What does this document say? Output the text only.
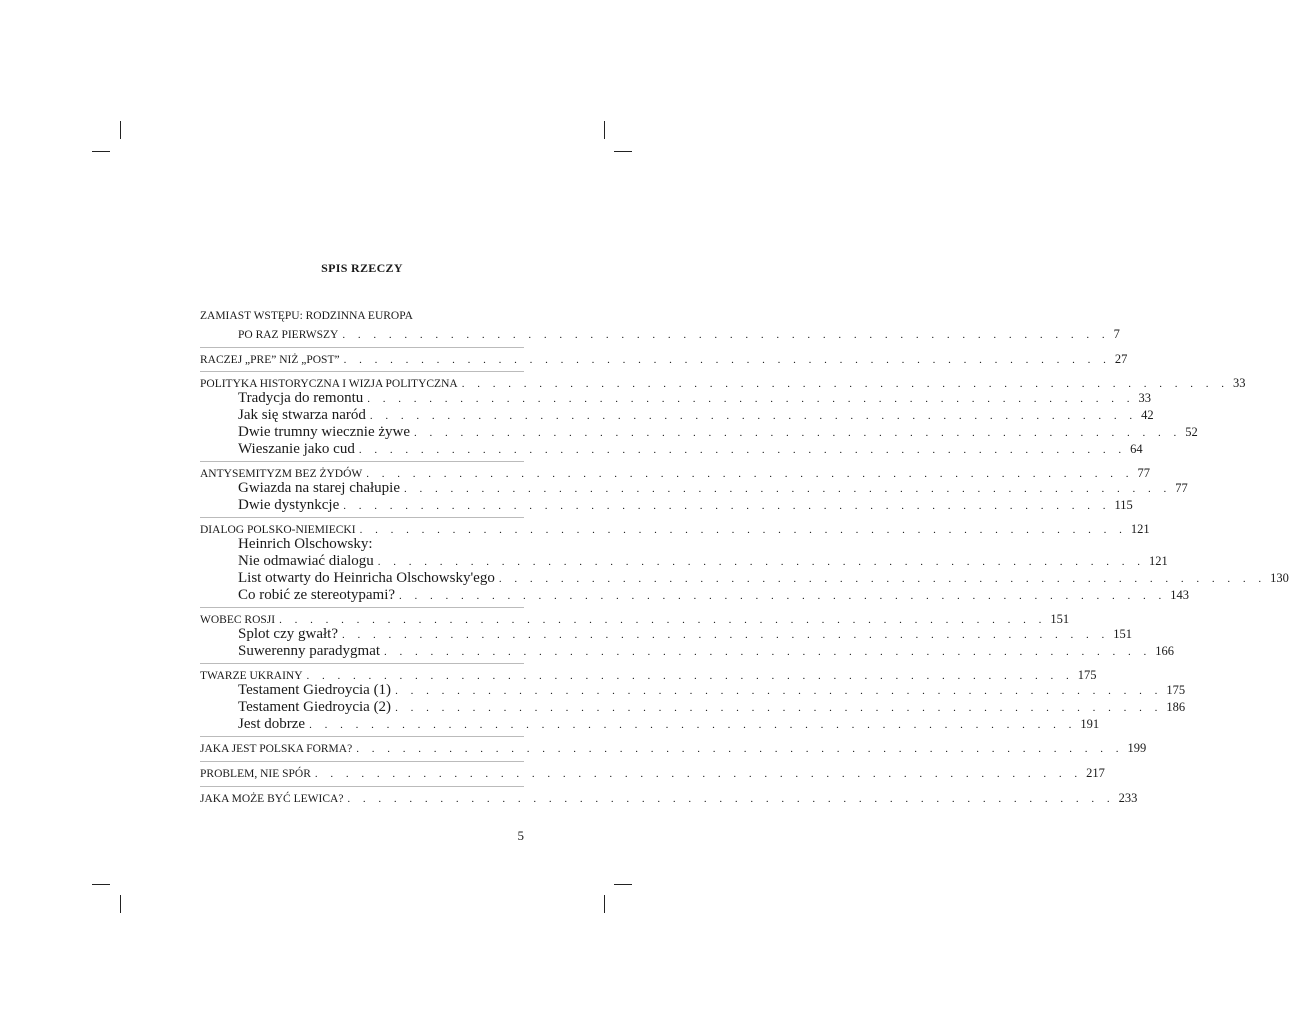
SPIS RZECZY
ZAMIAST WSTĘPU: RODZINNA EUROPA
PO RAZ PIERWSZY . . . . . . . . . . . . . . . . . . . . . . . . . . . . . . . . . . . . . . . . . . . . . . . . . . 7
RACZEJ „PRE” NIŻ „POST” . . . . . . . . . . . . . . . . . . . . . . . . . . . . . . . . . . . . . . . . . . . . . . . . . . 27
POLITYKA HISTORYCZNA I WIZJA POLITYCZNA . . . . . . . . . . . . . . . . . . . . . . . . . . . . . . . . . . . . . . . . . . . . . . . . . . 33
Tradycja do remontu . . . . . . . . . . . . . . . . . . . . . . . . . . . . . . . . . . . . . . . . . . . . . . . . . . 33
Jak się stwarza naród . . . . . . . . . . . . . . . . . . . . . . . . . . . . . . . . . . . . . . . . . . . . . . . . . . 42
Dwie trumny wiecznie żywe . . . . . . . . . . . . . . . . . . . . . . . . . . . . . . . . . . . . . . . . . . . . . . . . . . 52
Wieszanie jako cud . . . . . . . . . . . . . . . . . . . . . . . . . . . . . . . . . . . . . . . . . . . . . . . . . . 64
ANTYSEMITYZM BEZ ŻYDÓW . . . . . . . . . . . . . . . . . . . . . . . . . . . . . . . . . . . . . . . . . . . . . . . . . . 77
Gwiazda na starej chałupie . . . . . . . . . . . . . . . . . . . . . . . . . . . . . . . . . . . . . . . . . . . . . . . . . . 77
Dwie dystynkcje . . . . . . . . . . . . . . . . . . . . . . . . . . . . . . . . . . . . . . . . . . . . . . . . . . 115
DIALOG POLSKO-NIEMIECKI . . . . . . . . . . . . . . . . . . . . . . . . . . . . . . . . . . . . . . . . . . . . . . . . . . 121
Heinrich Olschowsky:
Nie odmawiać dialogu . . . . . . . . . . . . . . . . . . . . . . . . . . . . . . . . . . . . . . . . . . . . . . . . . . 121
List otwarty do Heinricha Olschowsky'ego . . . . . . . . . . . . . . . . . . . . . . . . . . . . . . . . . . . . . . . . . . . . . . . . . . 130
Co robić ze stereotypami? . . . . . . . . . . . . . . . . . . . . . . . . . . . . . . . . . . . . . . . . . . . . . . . . . . 143
WOBEC ROSJI . . . . . . . . . . . . . . . . . . . . . . . . . . . . . . . . . . . . . . . . . . . . . . . . . . 151
Splot czy gwałt? . . . . . . . . . . . . . . . . . . . . . . . . . . . . . . . . . . . . . . . . . . . . . . . . . . 151
Suwerenny paradygmat . . . . . . . . . . . . . . . . . . . . . . . . . . . . . . . . . . . . . . . . . . . . . . . . . . 166
TWARZE UKRAINY . . . . . . . . . . . . . . . . . . . . . . . . . . . . . . . . . . . . . . . . . . . . . . . . . . 175
Testament Giedroycia (1) . . . . . . . . . . . . . . . . . . . . . . . . . . . . . . . . . . . . . . . . . . . . . . . . . . 175
Testament Giedroycia (2) . . . . . . . . . . . . . . . . . . . . . . . . . . . . . . . . . . . . . . . . . . . . . . . . . . 186
Jest dobrze . . . . . . . . . . . . . . . . . . . . . . . . . . . . . . . . . . . . . . . . . . . . . . . . . . 191
JAKA JEST POLSKA FORMA? . . . . . . . . . . . . . . . . . . . . . . . . . . . . . . . . . . . . . . . . . . . . . . . . . . 199
PROBLEM, NIE SPÓR . . . . . . . . . . . . . . . . . . . . . . . . . . . . . . . . . . . . . . . . . . . . . . . . . . 217
JAKA MOŻE BYĆ LEWICA? . . . . . . . . . . . . . . . . . . . . . . . . . . . . . . . . . . . . . . . . . . . . . . . . . . 233
5
